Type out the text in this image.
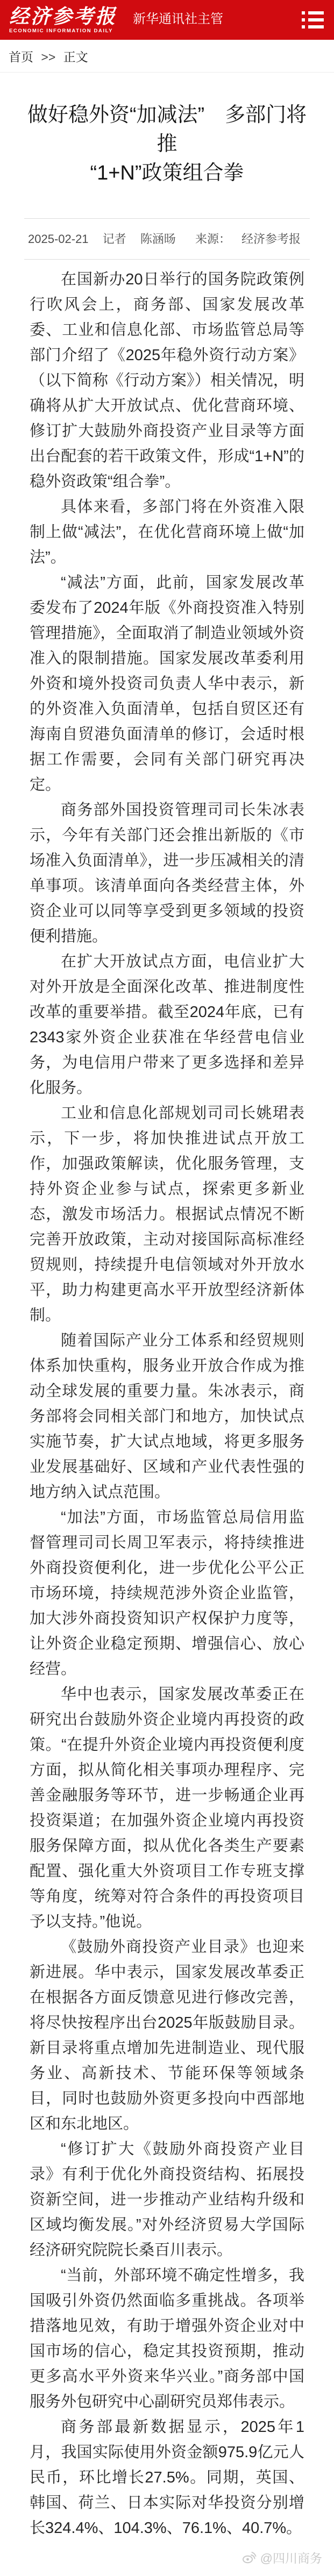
经济参考报
ECONOMIC INFORMATION DAILY
新华通讯社主管
首页 >> 正文
做好稳外资“加减法”　多部门将推
“1+N”政策组合拳
2025-02-21 记者 陈涵旸 来源： 经济参考报

在国新办20日举行的国务院政策例行吹风会上，商务部、国家发展改革委、工业和信息化部、市场监管总局等部门介绍了《2025年稳外资行动方案》（以下简称《行动方案》）相关情况，明确将从扩大开放试点、优化营商环境、修订扩大鼓励外商投资产业目录等方面出台配套的若干政策文件，形成“1+N”的稳外资政策“组合拳”。

具体来看，多部门将在外资准入限制上做“减法”，在优化营商环境上做“加法”。

“减法”方面，此前，国家发展改革委发布了2024年版《外商投资准入特别管理措施》，全面取消了制造业领域外资准入的限制措施。国家发展改革委利用外资和境外投资司负责人华中表示，新的外资准入负面清单，包括自贸区还有海南自贸港负面清单的修订，会适时根据工作需要，会同有关部门研究再决定。

商务部外国投资管理司司长朱冰表示，今年有关部门还会推出新版的《市场准入负面清单》，进一步压减相关的清单事项。该清单面向各类经营主体，外资企业可以同等享受到更多领域的投资便利措施。

在扩大开放试点方面，电信业扩大对外开放是全面深化改革、推进制度性改革的重要举措。截至2024年底，已有2343家外资企业获准在华经营电信业务，为电信用户带来了更多选择和差异化服务。

工业和信息化部规划司司长姚珺表示，下一步，将加快推进试点开放工作，加强政策解读，优化服务管理，支持外资企业参与试点，探索更多新业态，激发市场活力。根据试点情况不断完善开放政策，主动对接国际高标准经贸规则，持续提升电信领域对外开放水平，助力构建更高水平开放型经济新体制。

随着国际产业分工体系和经贸规则体系加快重构，服务业开放合作成为推动全球发展的重要力量。朱冰表示，商务部将会同相关部门和地方，加快试点实施节奏，扩大试点地域，将更多服务业发展基础好、区域和产业代表性强的地方纳入试点范围。

“加法”方面，市场监管总局信用监督管理司司长周卫军表示，将持续推进外商投资便利化，进一步优化公平公正市场环境，持续规范涉外资企业监管，加大涉外商投资知识产权保护力度等，让外资企业稳定预期、增强信心、放心经营。

华中也表示，国家发展改革委正在研究出台鼓励外资企业境内再投资的政策。“在提升外资企业境内再投资便利度方面，拟从简化相关事项办理程序、完善金融服务等环节，进一步畅通企业再投资渠道；在加强外资企业境内再投资服务保障方面，拟从优化各类生产要素配置、强化重大外资项目工作专班支撑等角度，统筹对符合条件的再投资项目予以支持。”他说。

《鼓励外商投资产业目录》也迎来新进展。华中表示，国家发展改革委正在根据各方面反馈意见进行修改完善，将尽快按程序出台2025年版鼓励目录。新目录将重点增加先进制造业、现代服务业、高新技术、节能环保等领域条目，同时也鼓励外资更多投向中西部地区和东北地区。

“修订扩大《鼓励外商投资产业目录》有利于优化外商投资结构、拓展投资新空间，进一步推动产业结构升级和区域均衡发展。”对外经济贸易大学国际经济研究院院长桑百川表示。

“当前，外部环境不确定性增多，我国吸引外资仍然面临多重挑战。各项举措落地见效，有助于增强外资企业对中国市场的信心，稳定其投资预期，推动更多高水平外资来华兴业。”商务部中国服务外包研究中心副研究员郑伟表示。

商务部最新数据显示，2025年1月，我国实际使用外资金额975.9亿元人民币，环比增长27.5%。同期，英国、韩国、荷兰、日本实际对华投资分别增长324.4%、104.3%、76.1%、40.7%。

@四川商务
